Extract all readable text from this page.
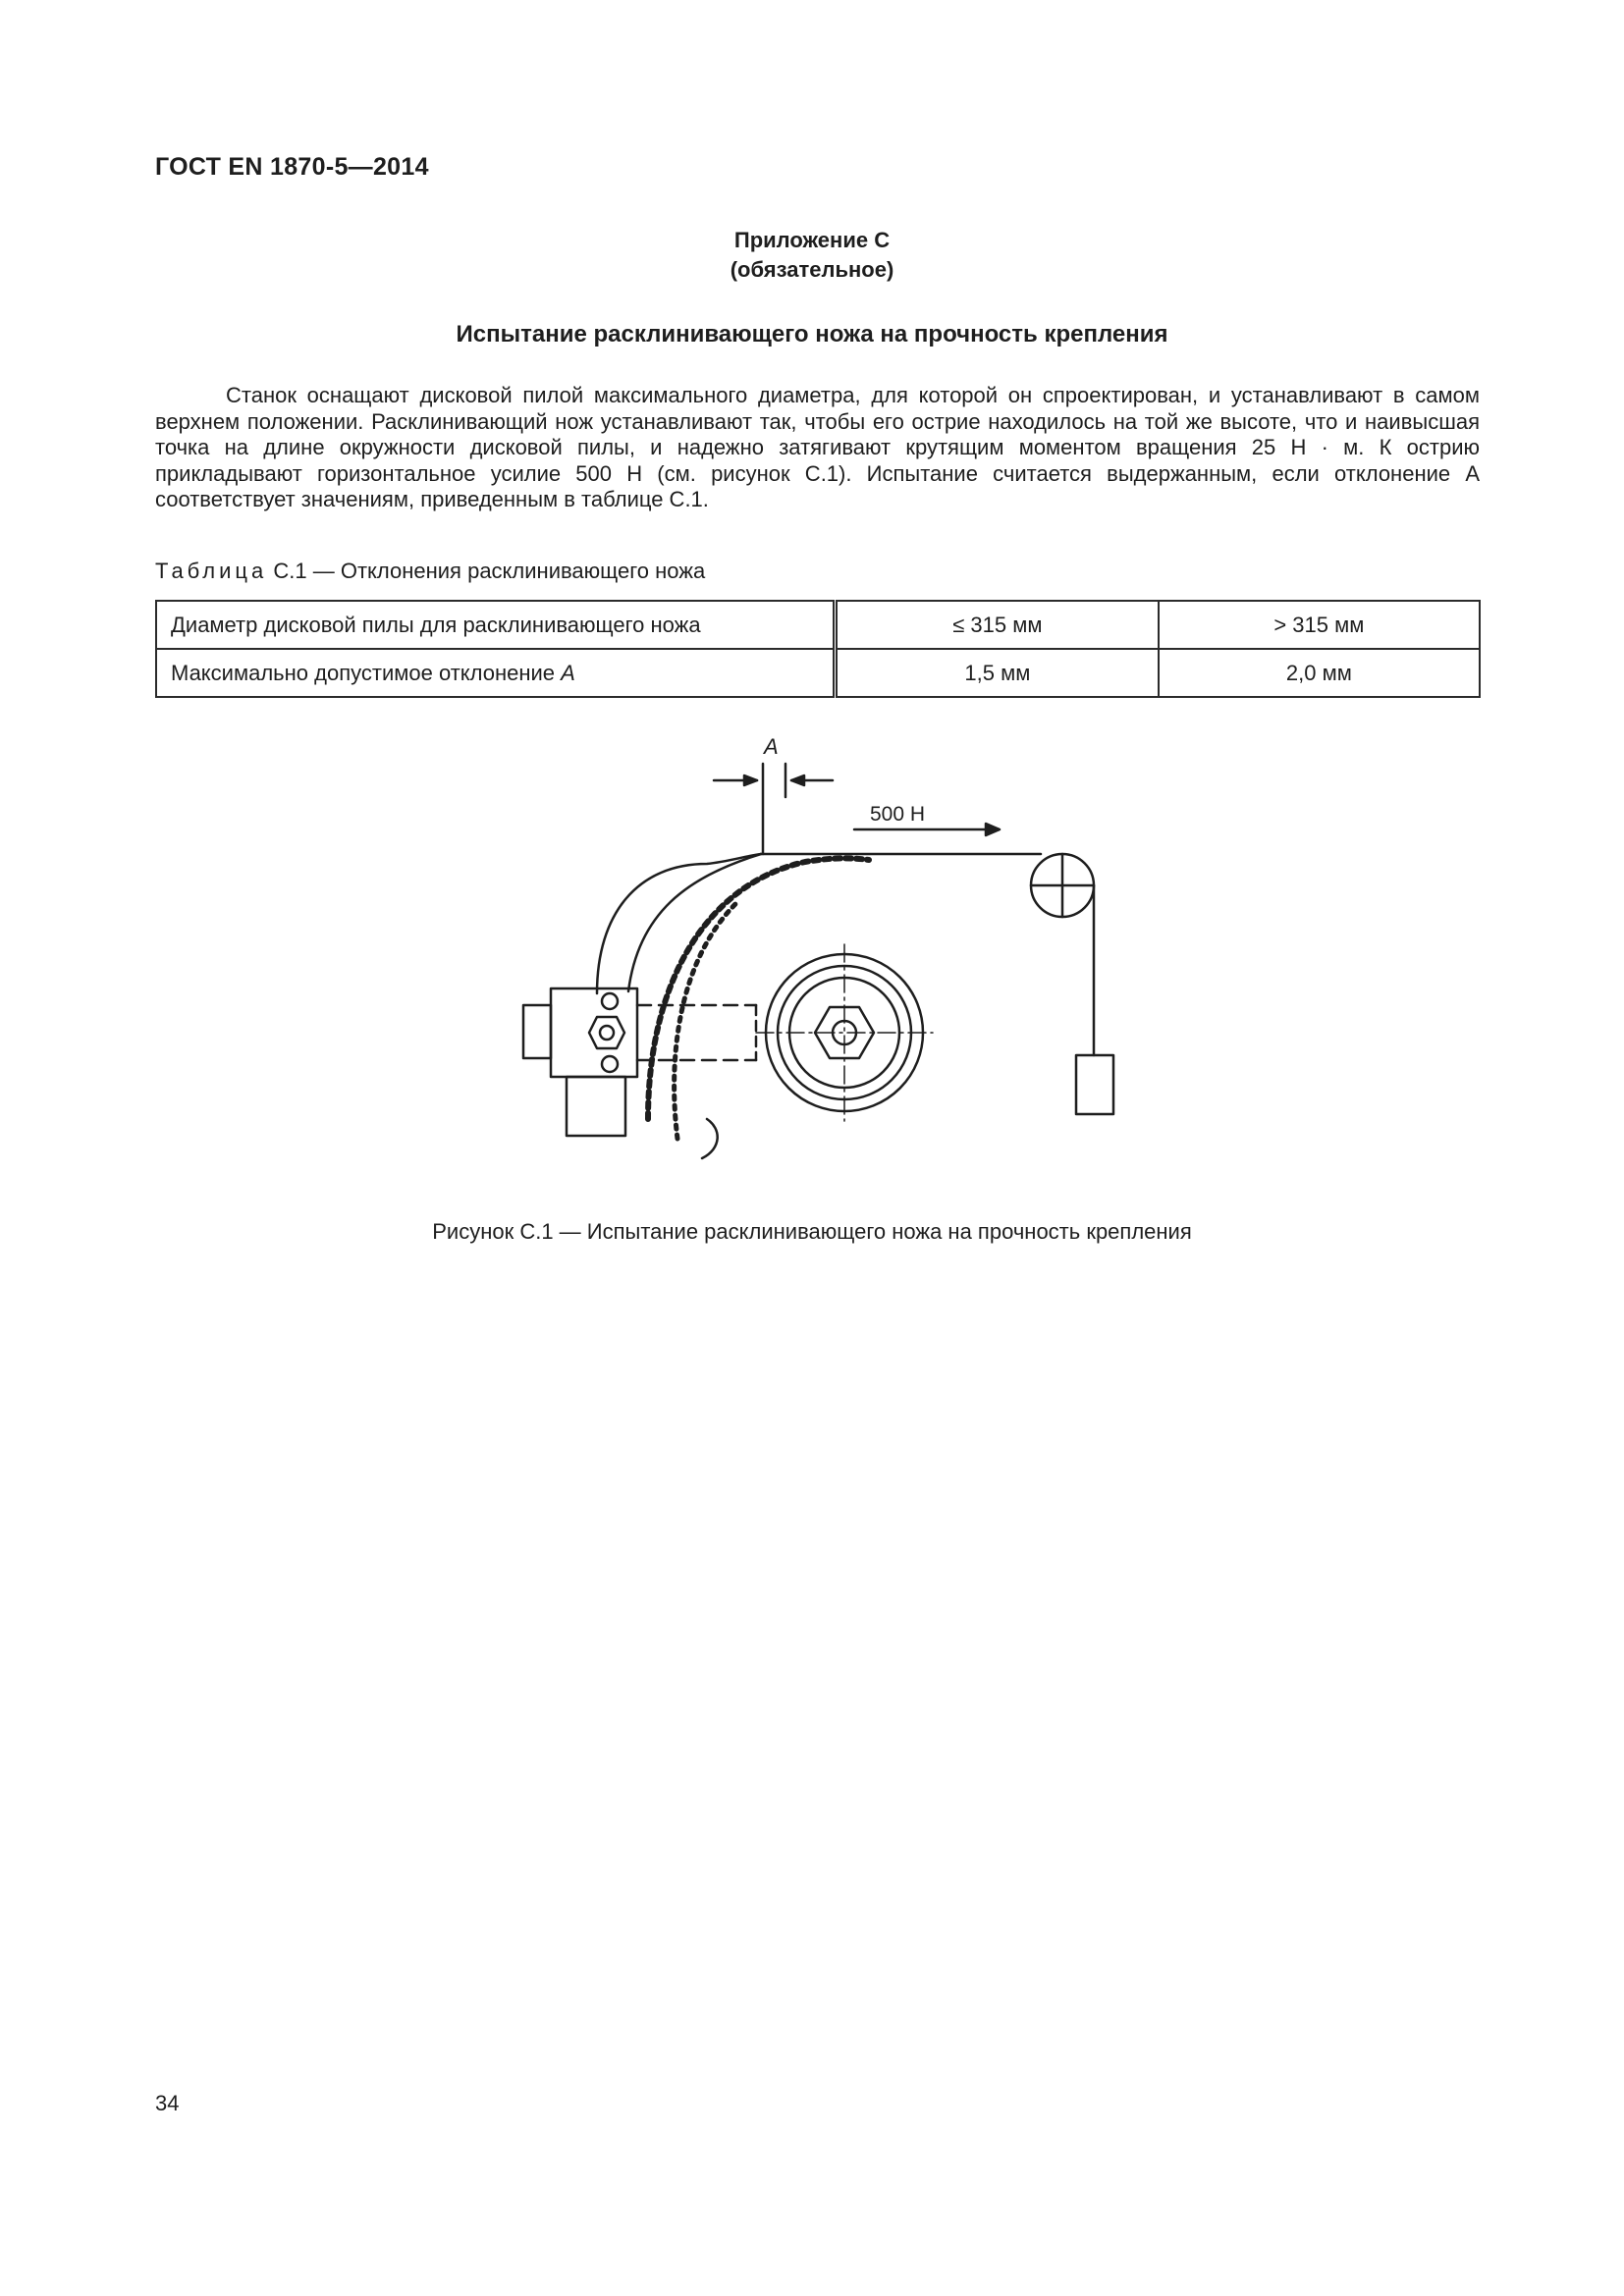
ГОСТ EN 1870-5—2014
Приложение С
(обязательное)
Испытание расклинивающего ножа на прочность крепления

Станок оснащают дисковой пилой максимального диаметра, для которой он спроектирован, и устанавливают в самом верхнем положении. Расклинивающий нож устанавливают так, чтобы его острие находилось на той же высоте, что и наивысшая точка на длине окружности дисковой пилы, и надежно затягивают крутящим моментом вращения 25 Н · м. К острию прикладывают горизонтальное усилие 500 Н (см. рисунок С.1). Испытание считается выдержанным, если отклонение А соответствует значениям, приведенным в таблице С.1.

Таблица С.1 — Отклонения расклинивающего ножа
Диаметр дисковой пилы для расклинивающего ножа	≤ 315 мм	> 315 мм
Максимально допустимое отклонение A	1,5 мм	2,0 мм
A
500 Н
Рисунок С.1 — Испытание расклинивающего ножа на прочность крепления
34
